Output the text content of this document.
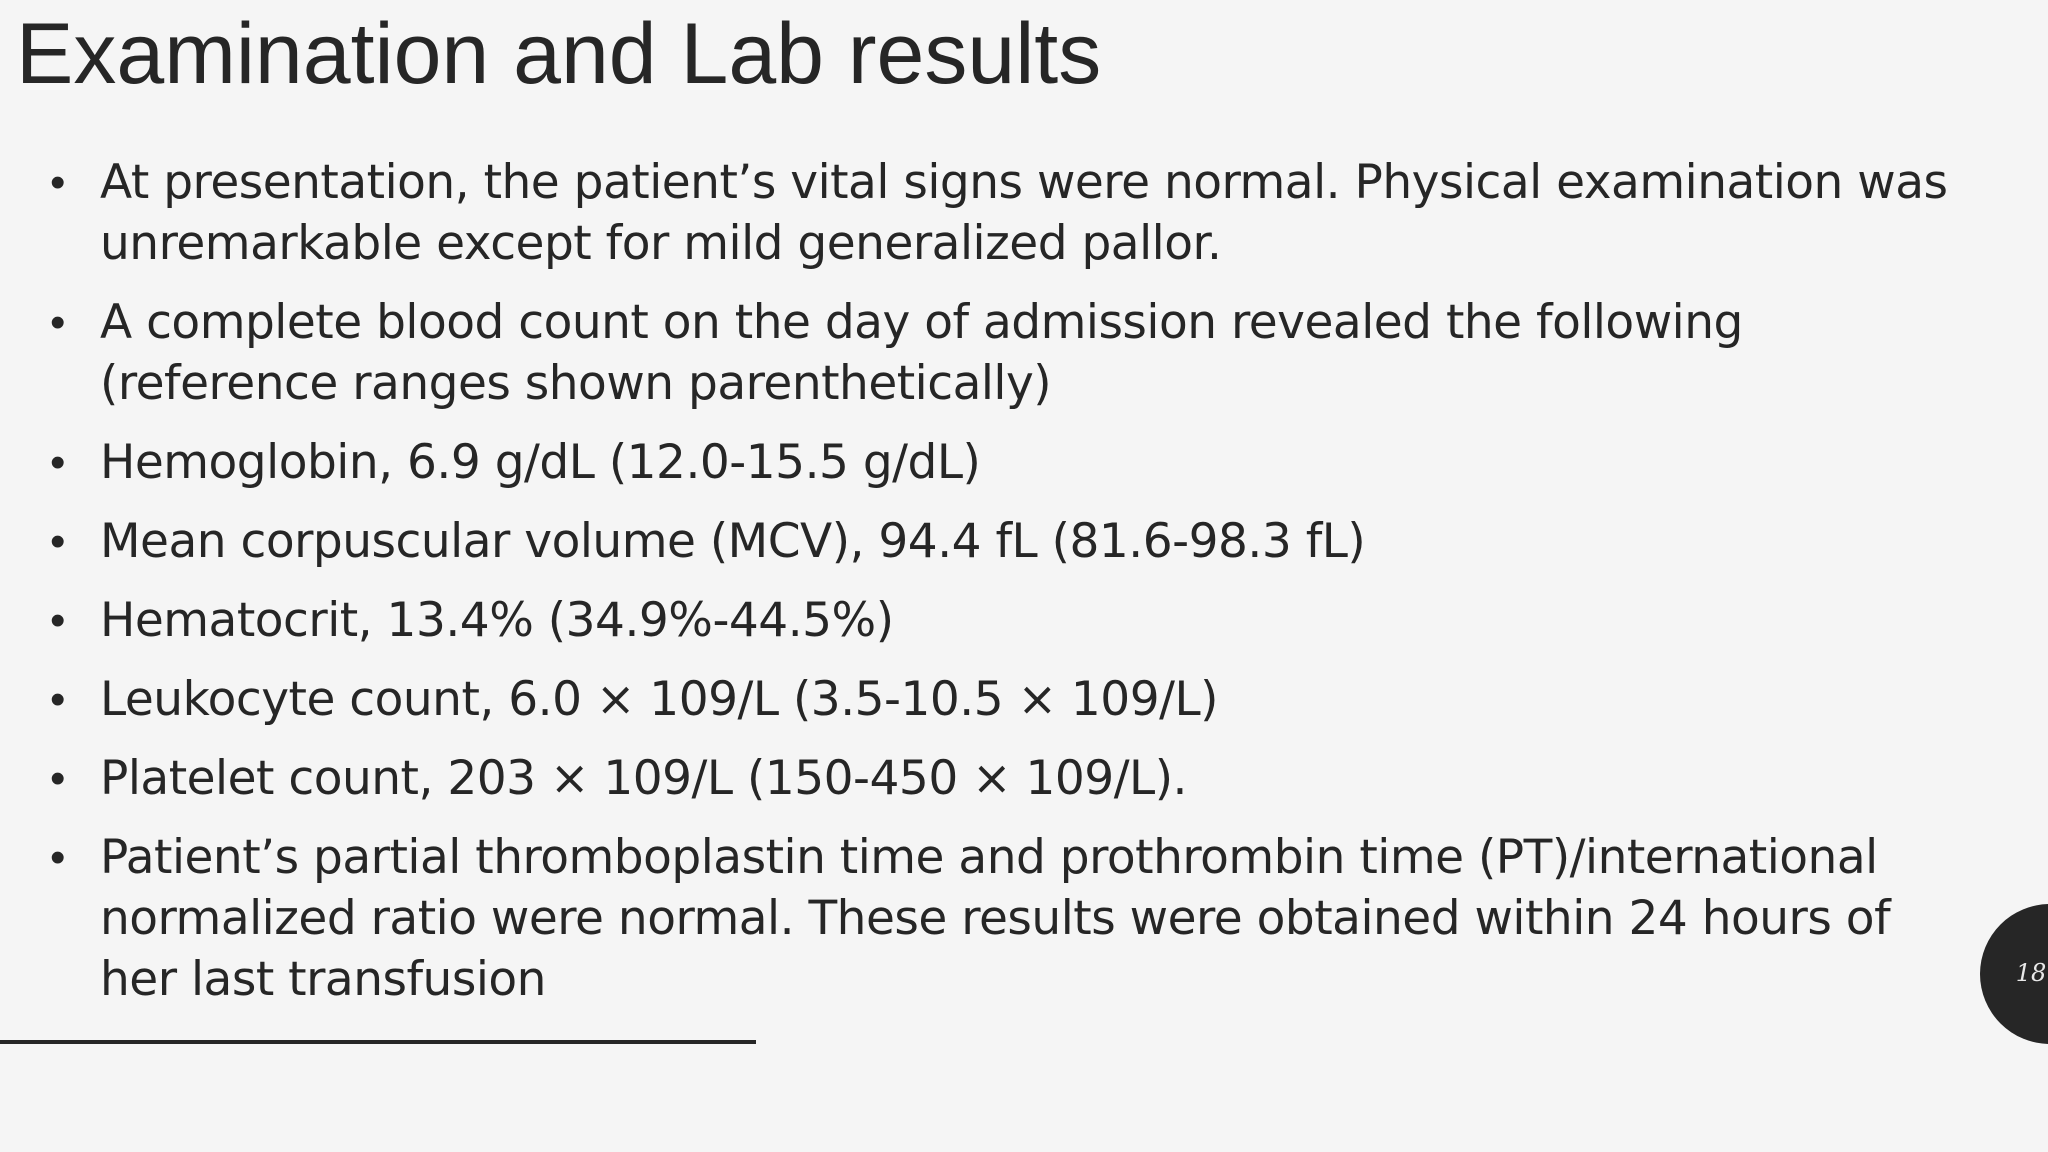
Examination and Lab results
• At presentation, the patient’s vital signs were normal. Physical examination was unremarkable except for mild generalized pallor.
• A complete blood count on the day of admission revealed the following (reference ranges shown parenthetically)
• Hemoglobin, 6.9 g/dL (12.0-15.5 g/dL)
• Mean corpuscular volume (MCV), 94.4 fL (81.6-98.3 fL)
• Hematocrit, 13.4% (34.9%-44.5%)
• Leukocyte count, 6.0 × 109/L (3.5-10.5 × 109/L)
• Platelet count, 203 × 109/L (150-450 × 109/L).
• Patient’s partial thromboplastin time and prothrombin time (PT)/international normalized ratio were normal. These results were obtained within 24 hours of her last transfusion	18
